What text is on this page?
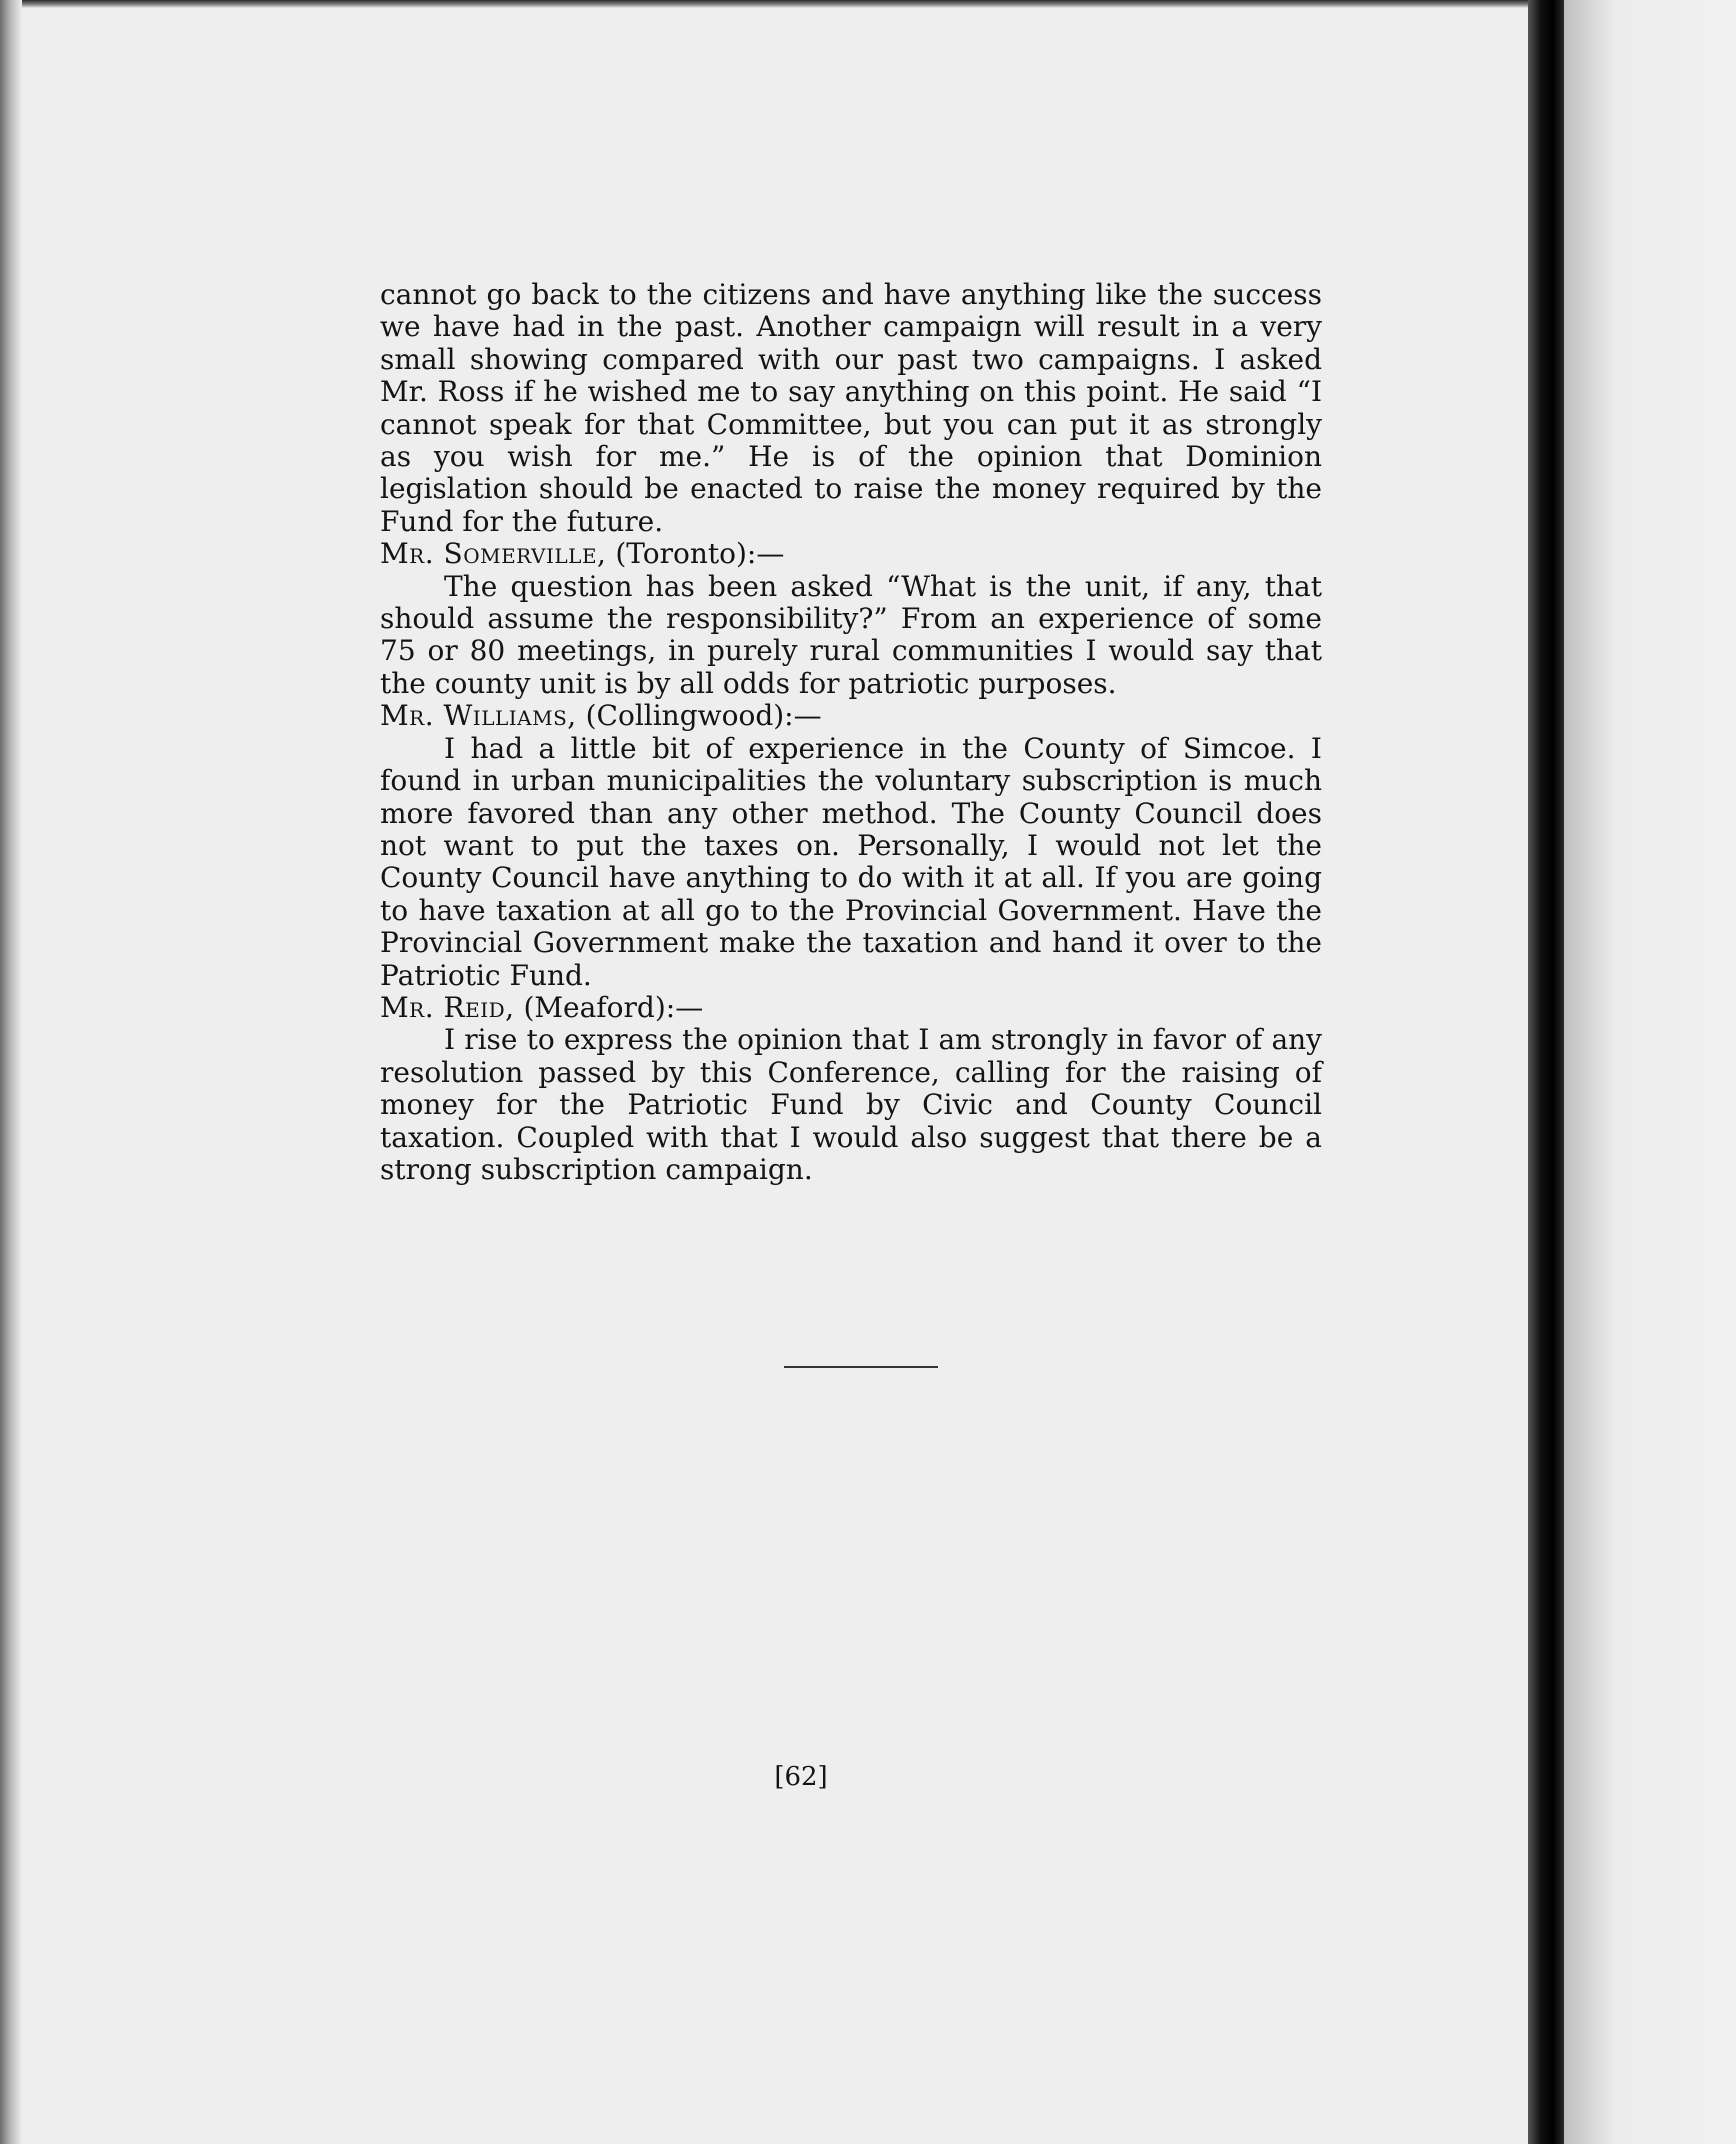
cannot go back to the citizens and have anything like the success we have had in the past. Another campaign will result in a very small showing compared with our past two campaigns. I asked Mr. Ross if he wished me to say anything on this point. He said “I cannot speak for that Committee, but you can put it as strongly as you wish for me.” He is of the opinion that Dominion legislation should be enacted to raise the money required by the Fund for the future.

Mr. Somerville, (Toronto):—

The question has been asked “What is the unit, if any, that should assume the responsibility?” From an experience of some 75 or 80 meetings, in purely rural communities I would say that the county unit is by all odds for patriotic purposes.

Mr. Williams, (Collingwood):—

I had a little bit of experience in the County of Simcoe. I found in urban municipalities the voluntary subscription is much more favored than any other method. The County Council does not want to put the taxes on. Personally, I would not let the County Council have anything to do with it at all. If you are going to have taxation at all go to the Provincial Government. Have the Provincial Government make the taxation and hand it over to the Patriotic Fund.

Mr. Reid, (Meaford):—

I rise to express the opinion that I am strongly in favor of any resolution passed by this Conference, calling for the raising of money for the Patriotic Fund by Civic and County Council taxation. Coupled with that I would also suggest that there be a strong subscription campaign.

[62]
